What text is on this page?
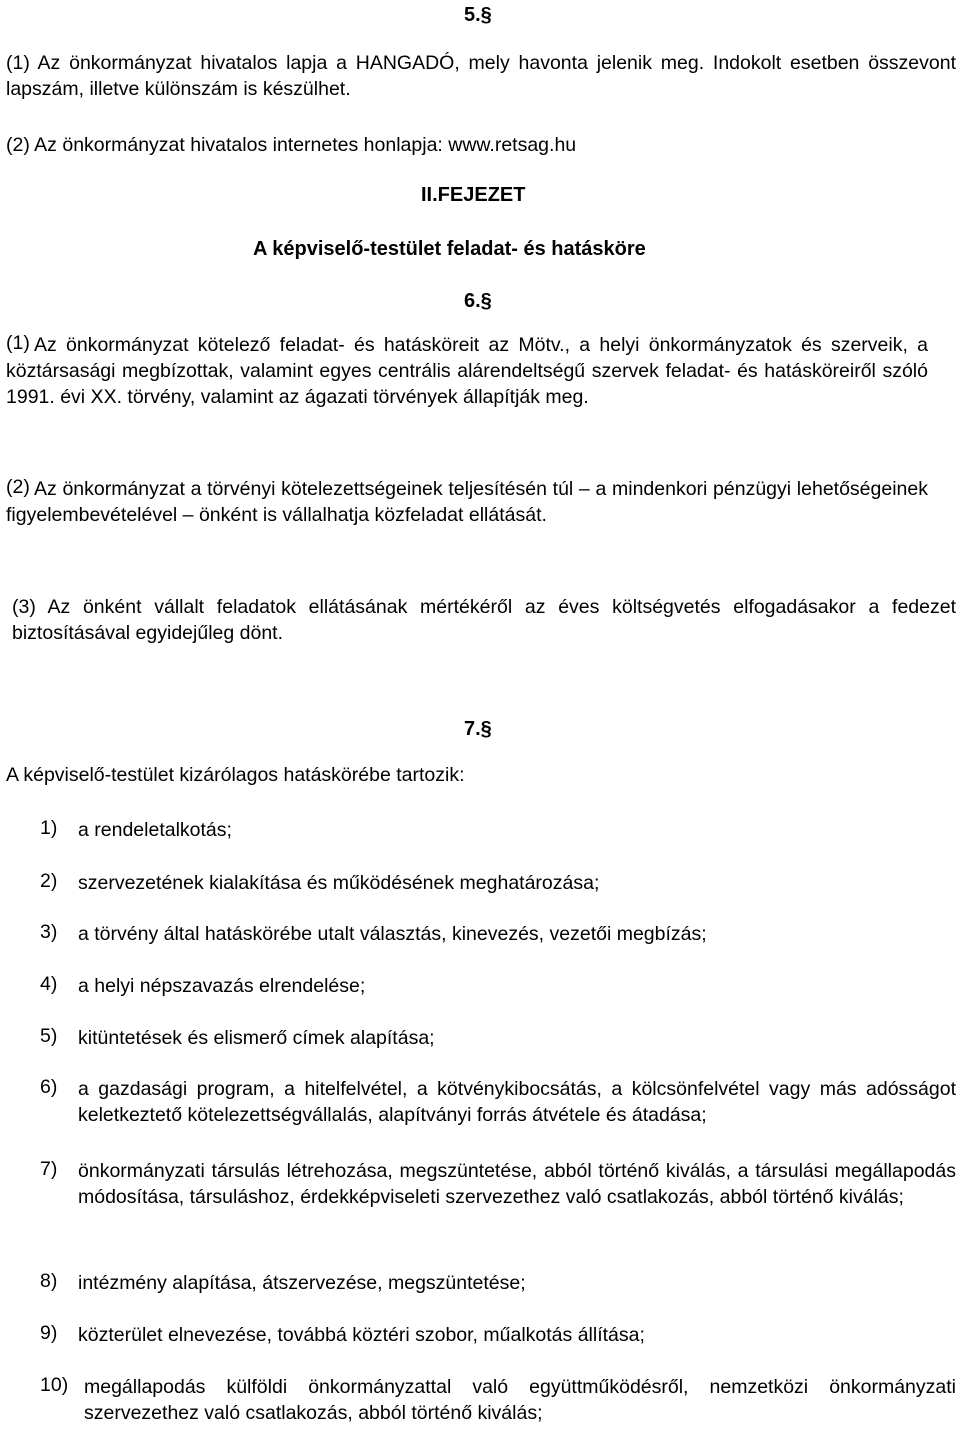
5.§
(1) Az önkormányzat hivatalos lapja a HANGADÓ, mely havonta jelenik meg. Indokolt esetben összevont lapszám, illetve különszám is készülhet.
(2) Az önkormányzat hivatalos internetes honlapja: www.retsag.hu
II.FEJEZET
A képviselő-testület feladat- és hatásköre
6.§
(1) Az önkormányzat kötelező feladat- és hatásköreit az Mötv., a helyi önkormányzatok és szerveik, a köztársasági megbízottak, valamint egyes centrális alárendeltségű szervek feladat- és hatásköreiről szóló 1991. évi XX. törvény, valamint az ágazati törvények állapítják meg.
(2) Az önkormányzat a törvényi kötelezettségeinek teljesítésén túl – a mindenkori pénzügyi lehetőségeinek figyelembevételével – önként is vállalhatja közfeladat ellátását.
(3) Az önként vállalt feladatok ellátásának mértékéről az éves költségvetés elfogadásakor a fedezet biztosításával egyidejűleg dönt.
7.§
A képviselő-testület kizárólagos hatáskörébe tartozik:
1) a rendeletalkotás;
2) szervezetének kialakítása és működésének meghatározása;
3) a törvény által hatáskörébe utalt választás, kinevezés, vezetői megbízás;
4) a helyi népszavazás elrendelése;
5) kitüntetések és elismerő címek alapítása;
6) a gazdasági program, a hitelfelvétel, a kötvénykibocsátás, a kölcsönfelvétel vagy más adósságot keletkeztető kötelezettségvállalás, alapítványi forrás átvétele és átadása;
7) önkormányzati társulás létrehozása, megszüntetése, abból történő kiválás, a társulási megállapodás módosítása, társuláshoz, érdekképviseleti szervezethez való csatlakozás, abból történő kiválás;
8) intézmény alapítása, átszervezése, megszüntetése;
9) közterület elnevezése, továbbá köztéri szobor, műalkotás állítása;
10) megállapodás külföldi önkormányzattal való együttműködésről, nemzetközi önkormányzati szervezethez való csatlakozás, abból történő kiválás;
